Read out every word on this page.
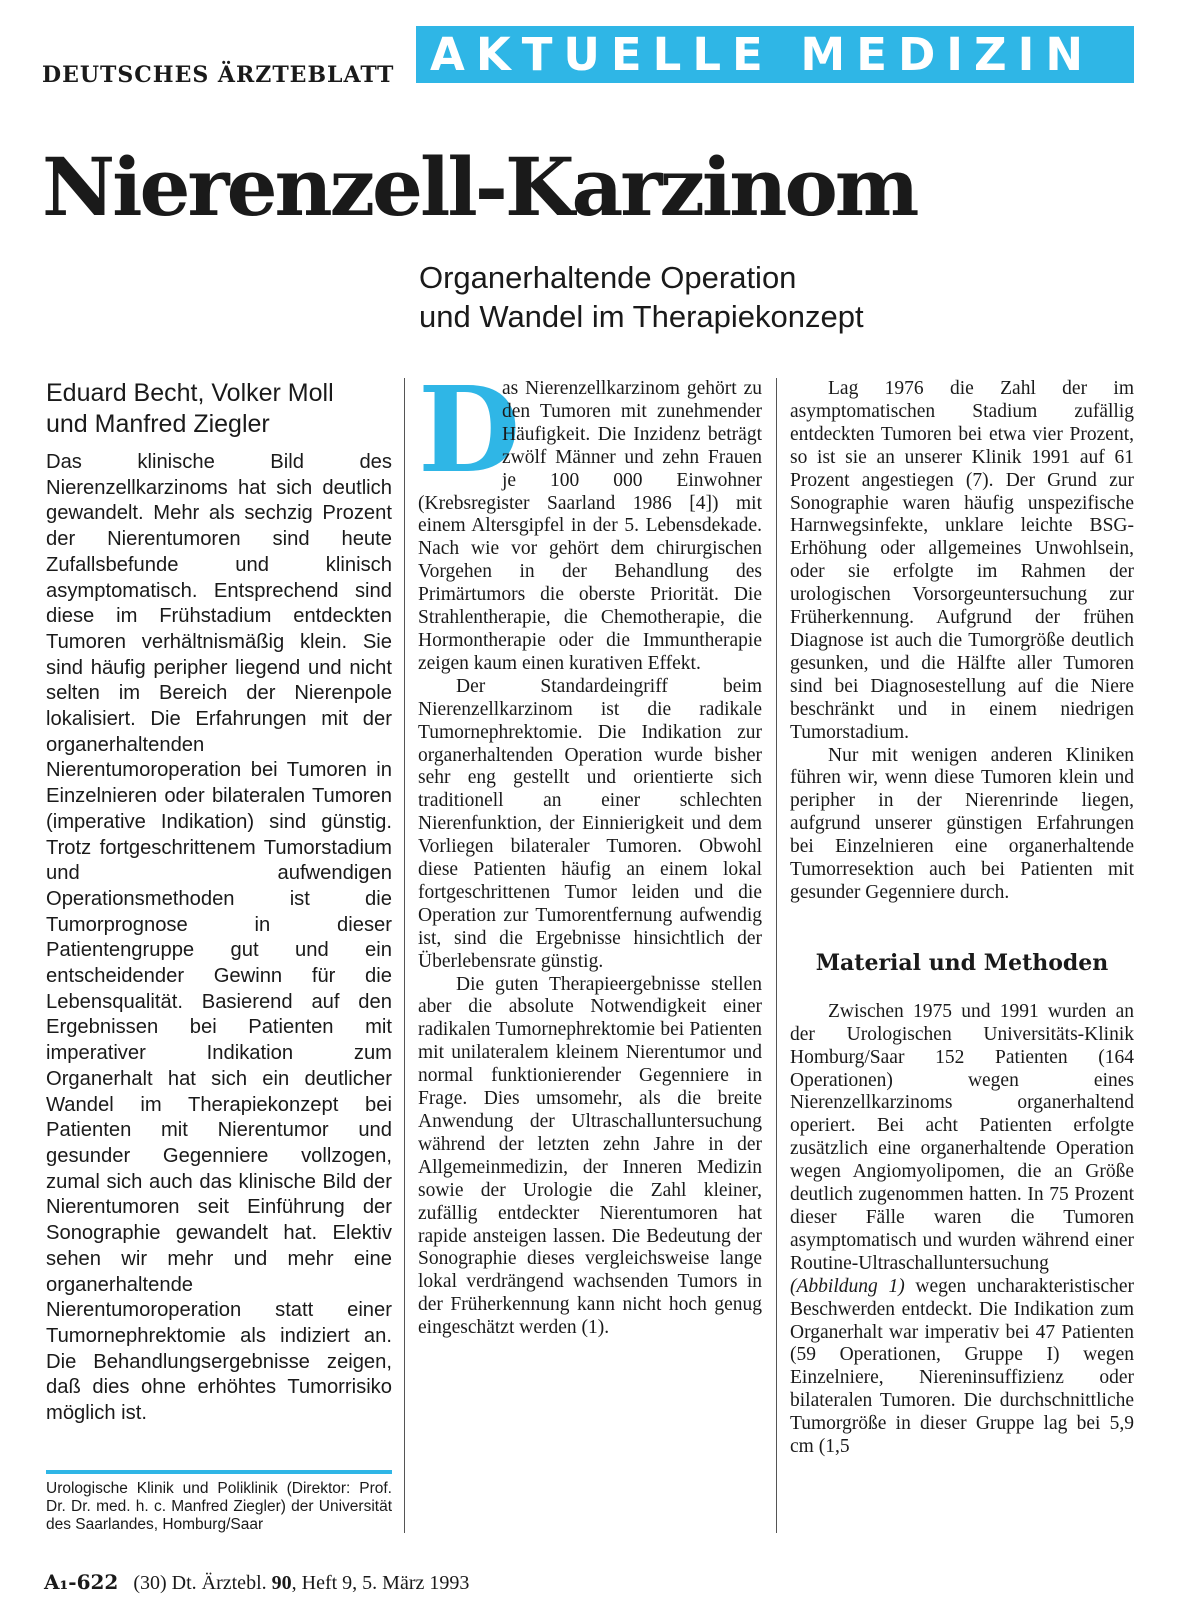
DEUTSCHES ÄRZTEBLATT AKTUELLE MEDIZIN
Nierenzell-Karzinom
Organerhaltende Operation
und Wandel im Therapiekonzept
Eduard Becht, Volker Moll
und Manfred Ziegler

Das klinische Bild des Nierenzellkarzinoms hat sich deutlich gewandelt. Mehr als sechzig Prozent der Nierentumoren sind heute Zufallsbefunde und klinisch asymptomatisch. Entsprechend sind diese im Frühstadium entdeckten Tumoren verhältnismäßig klein. Sie sind häufig peripher liegend und nicht selten im Bereich der Nierenpole lokalisiert. Die Erfahrungen mit der organerhaltenden Nierentumoroperation bei Tumoren in Einzelnieren oder bilateralen Tumoren (imperative Indikation) sind günstig. Trotz fortgeschrittenem Tumorstadium und aufwendigen Operationsmethoden ist die Tumorprognose in dieser Patientengruppe gut und ein entscheidender Gewinn für die Lebensqualität. Basierend auf den Ergebnissen bei Patienten mit imperativer Indikation zum Organerhalt hat sich ein deutlicher Wandel im Therapiekonzept bei Patienten mit Nierentumor und gesunder Gegenniere vollzogen, zumal sich auch das klinische Bild der Nierentumoren seit Einführung der Sonographie gewandelt hat. Elektiv sehen wir mehr und mehr eine organerhaltende Nierentumoroperation statt einer Tumornephrektomie als indiziert an. Die Behandlungsergebnisse zeigen, daß dies ohne erhöhtes Tumorrisiko möglich ist.

Urologische Klinik und Poliklinik (Direktor: Prof. Dr. Dr. med. h. c. Manfred Ziegler) der Universität des Saarlandes, Homburg/Saar

D
as Nierenzellkarzinom gehört zu den Tumoren mit zunehmender Häufigkeit. Die Inzidenz beträgt zwölf Männer und zehn Frauen je 100 000 Einwohner (Krebsregister Saarland 1986 [4]) mit einem Altersgipfel in der 5. Lebensdekade. Nach wie vor gehört dem chirurgischen Vorgehen in der Behandlung des Primärtumors die oberste Priorität. Die Strahlentherapie, die Chemotherapie, die Hormontherapie oder die Immuntherapie zeigen kaum einen kurativen Effekt.

Der Standardeingriff beim Nierenzellkarzinom ist die radikale Tumornephrektomie. Die Indikation zur organerhaltenden Operation wurde bisher sehr eng gestellt und orientierte sich traditionell an einer schlechten Nierenfunktion, der Einnierigkeit und dem Vorliegen bilateraler Tumoren. Obwohl diese Patienten häufig an einem lokal fortgeschrittenen Tumor leiden und die Operation zur Tumorentfernung aufwendig ist, sind die Ergebnisse hinsichtlich der Überlebensrate günstig.

Die guten Therapieergebnisse stellen aber die absolute Notwendigkeit einer radikalen Tumornephrektomie bei Patienten mit unilateralem kleinem Nierentumor und normal funktionierender Gegenniere in Frage. Dies umsomehr, als die breite Anwendung der Ultraschalluntersuchung während der letzten zehn Jahre in der Allgemeinmedizin, der Inneren Medizin sowie der Urologie die Zahl kleiner, zufällig entdeckter Nierentumoren hat rapide ansteigen lassen. Die Bedeutung der Sonographie dieses vergleichsweise lange lokal verdrängend wachsenden Tumors in der Früherkennung kann nicht hoch genug eingeschätzt werden (1).

Lag 1976 die Zahl der im asymptomatischen Stadium zufällig entdeckten Tumoren bei etwa vier Prozent, so ist sie an unserer Klinik 1991 auf 61 Prozent angestiegen (7). Der Grund zur Sonographie waren häufig unspezifische Harnwegsinfekte, unklare leichte BSG-Erhöhung oder allgemeines Unwohlsein, oder sie erfolgte im Rahmen der urologischen Vorsorgeuntersuchung zur Früherkennung. Aufgrund der frühen Diagnose ist auch die Tumorgröße deutlich gesunken, und die Hälfte aller Tumoren sind bei Diagnosestellung auf die Niere beschränkt und in einem niedrigen Tumorstadium.

Nur mit wenigen anderen Kliniken führen wir, wenn diese Tumoren klein und peripher in der Nierenrinde liegen, aufgrund unserer günstigen Erfahrungen bei Einzelnieren eine organerhaltende Tumorresektion auch bei Patienten mit gesunder Gegenniere durch.

Material und Methoden

Zwischen 1975 und 1991 wurden an der Urologischen Universitäts-Klinik Homburg/Saar 152 Patienten (164 Operationen) wegen eines Nierenzellkarzinoms organerhaltend operiert. Bei acht Patienten erfolgte zusätzlich eine organerhaltende Operation wegen Angiomyolipomen, die an Größe deutlich zugenommen hatten. In 75 Prozent dieser Fälle waren die Tumoren asymptomatisch und wurden während einer Routine-Ultraschalluntersuchung (Abbildung 1) wegen uncharakteristischer Beschwerden entdeckt. Die Indikation zum Organerhalt war imperativ bei 47 Patienten (59 Operationen, Gruppe I) wegen Einzelniere, Niereninsuffizienz oder bilateralen Tumoren. Die durchschnittliche Tumorgröße in dieser Gruppe lag bei 5,9 cm (1,5

A₁-622 (30) Dt. Ärztebl. 90, Heft 9, 5. März 1993
